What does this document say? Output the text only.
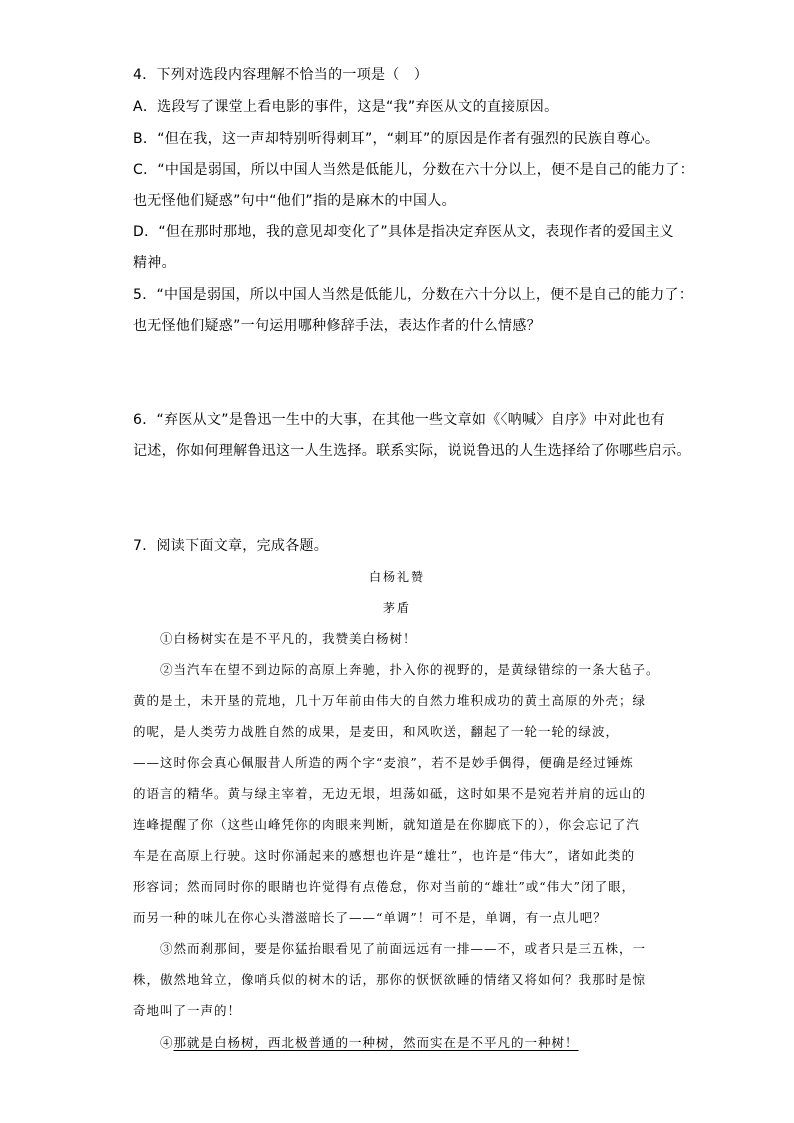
4．下列对选段内容理解不恰当的一项是（　）
A．选段写了课堂上看电影的事件，这是“我”弃医从文的直接原因。
B．“但在我，这一声却特别听得刺耳”，“刺耳”的原因是作者有强烈的民族自尊心。
C．“中国是弱国，所以中国人当然是低能儿，分数在六十分以上，便不是自己的能力了：
也无怪他们疑惑”句中“他们”指的是麻木的中国人。
D．“但在那时那地，我的意见却变化了”具体是指决定弃医从文，表现作者的爱国主义
精神。
5．“中国是弱国，所以中国人当然是低能儿，分数在六十分以上，便不是自己的能力了：
也无怪他们疑惑”一句运用哪种修辞手法，表达作者的什么情感？
6．“弃医从文”是鲁迅一生中的大事，在其他一些文章如《〈呐喊〉自序》中对此也有
记述，你如何理解鲁迅这一人生选择。联系实际，说说鲁迅的人生选择给了你哪些启示。
7．阅读下面文章，完成各题。
白杨礼赞
茅盾
①白杨树实在是不平凡的，我赞美白杨树！
②当汽车在望不到边际的高原上奔驰，扑入你的视野的，是黄绿错综的一条大毡子。
黄的是土，未开垦的荒地，几十万年前由伟大的自然力堆积成功的黄土高原的外壳；绿
的呢，是人类劳力战胜自然的成果，是麦田，和风吹送，翻起了一轮一轮的绿波，
——这时你会真心佩服昔人所造的两个字“麦浪”，若不是妙手偶得，便确是经过锤炼
的语言的精华。黄与绿主宰着，无边无垠，坦荡如砥，这时如果不是宛若并肩的远山的
连峰提醒了你（这些山峰凭你的肉眼来判断，就知道是在你脚底下的），你会忘记了汽
车是在高原上行驶。这时你涌起来的感想也许是“雄壮”，也许是“伟大”，诸如此类的
形容词；然而同时你的眼睛也许觉得有点倦怠，你对当前的“雄壮”或“伟大”闭了眼，
而另一种的味儿在你心头潜滋暗长了——“单调”！可不是，单调，有一点儿吧？
③然而刹那间，要是你猛抬眼看见了前面远远有一排——不，或者只是三五株，一
株，傲然地耸立，像哨兵似的树木的话，那你的恹恹欲睡的情绪又将如何？我那时是惊
奇地叫了一声的！
④那就是白杨树，西北极普通的一种树，然而实在是不平凡的一种树！
